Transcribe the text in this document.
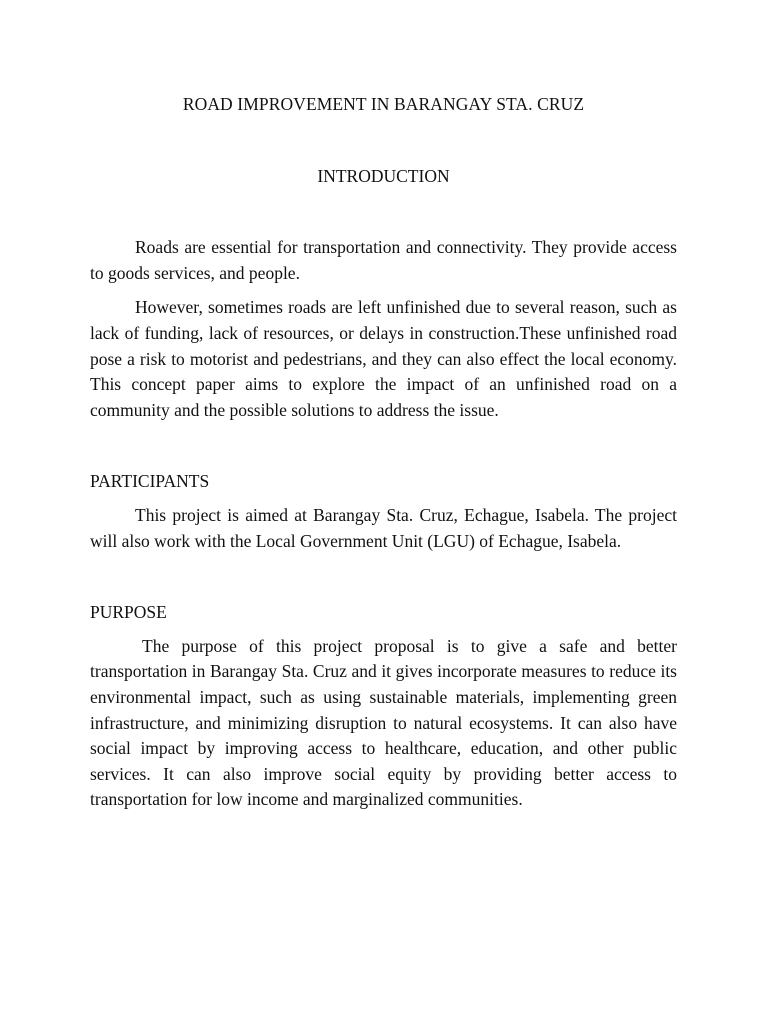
ROAD IMPROVEMENT IN BARANGAY STA. CRUZ
INTRODUCTION

Roads are essential for transportation and connectivity. They provide access to goods services, and people.

However, sometimes roads are left unfinished due to several reason, such as lack of funding, lack of resources, or delays in construction.These unfinished road pose a risk to motorist and pedestrians, and they can also effect the local economy. This concept paper aims to explore the impact of an unfinished road on a community and the possible solutions to address the issue.

PARTICIPANTS

This project is aimed at Barangay Sta. Cruz, Echague, Isabela. The project will also work with the Local Government Unit (LGU) of Echague, Isabela.

PURPOSE

The purpose of this project proposal is to give a safe and better transportation in Barangay Sta. Cruz and it gives incorporate measures to reduce its environmental impact, such as using sustainable materials, implementing green infrastructure, and minimizing disruption to natural ecosystems. It can also have social impact by improving access to healthcare, education, and other public services. It can also improve social equity by providing better access to transportation for low income and marginalized communities.
